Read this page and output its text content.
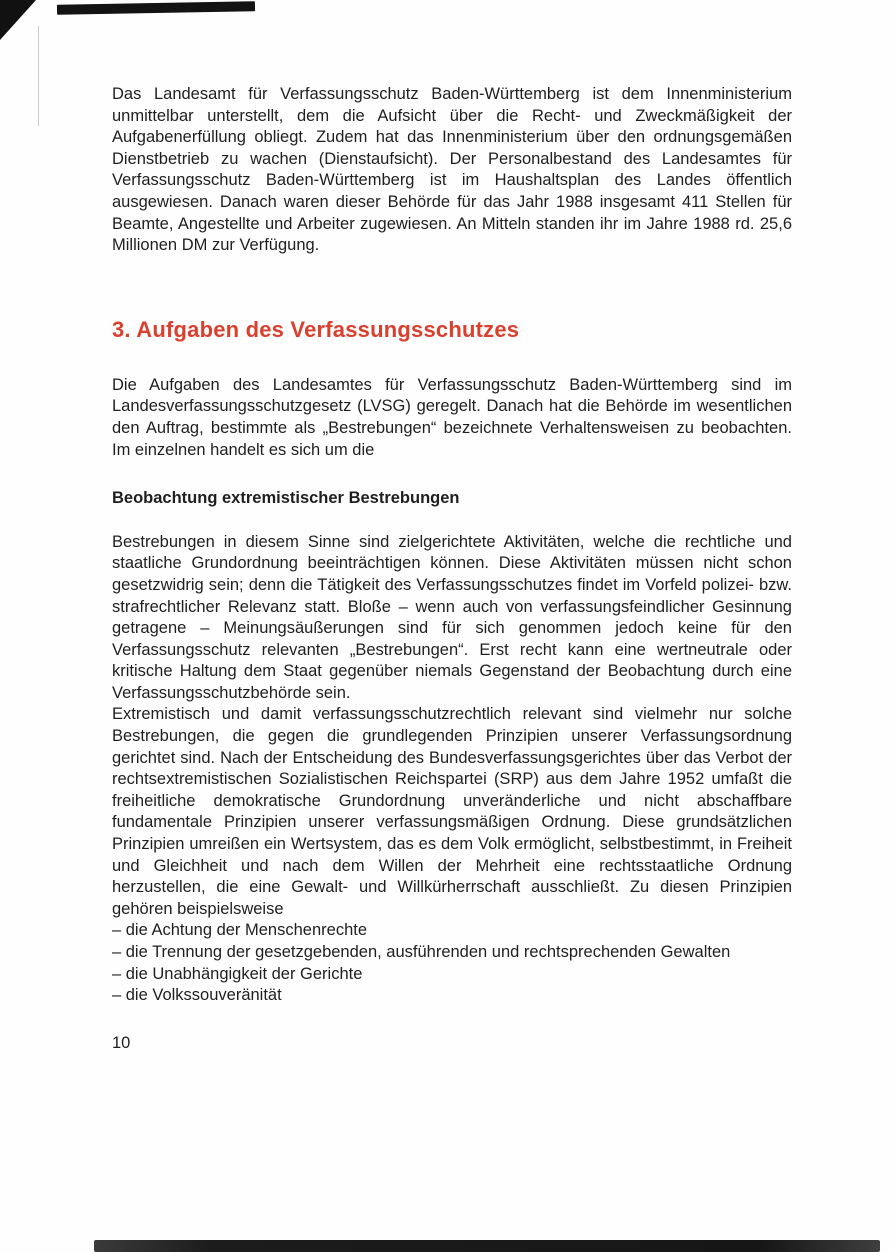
Das Landesamt für Verfassungsschutz Baden-Württemberg ist dem Innenministerium unmittelbar unterstellt, dem die Aufsicht über die Recht- und Zweckmäßigkeit der Aufgabenerfüllung obliegt. Zudem hat das Innenministerium über den ordnungsgemäßen Dienstbetrieb zu wachen (Dienstaufsicht). Der Personalbestand des Landesamtes für Verfassungsschutz Baden-Württemberg ist im Haushaltsplan des Landes öffentlich ausgewiesen. Danach waren dieser Behörde für das Jahr 1988 insgesamt 411 Stellen für Beamte, Angestellte und Arbeiter zugewiesen. An Mitteln standen ihr im Jahre 1988 rd. 25,6 Millionen DM zur Verfügung.

3. Aufgaben des Verfassungsschutzes

Die Aufgaben des Landesamtes für Verfassungsschutz Baden-Württemberg sind im Landesverfassungsschutzgesetz (LVSG) geregelt. Danach hat die Behörde im wesentlichen den Auftrag, bestimmte als „Bestrebungen“ bezeichnete Verhaltensweisen zu beobachten. Im einzelnen handelt es sich um die

Beobachtung extremistischer Bestrebungen

Bestrebungen in diesem Sinne sind zielgerichtete Aktivitäten, welche die rechtliche und staatliche Grundordnung beeinträchtigen können. Diese Aktivitäten müssen nicht schon gesetzwidrig sein; denn die Tätigkeit des Verfassungsschutzes findet im Vorfeld polizei- bzw. strafrechtlicher Relevanz statt. Bloße – wenn auch von verfassungsfeindlicher Gesinnung getragene – Meinungsäußerungen sind für sich genommen jedoch keine für den Verfassungsschutz relevanten „Bestrebungen“. Erst recht kann eine wertneutrale oder kritische Haltung dem Staat gegenüber niemals Gegenstand der Beobachtung durch eine Verfassungsschutzbehörde sein.

Extremistisch und damit verfassungsschutzrechtlich relevant sind vielmehr nur solche Bestrebungen, die gegen die grundlegenden Prinzipien unserer Verfassungsordnung gerichtet sind. Nach der Entscheidung des Bundesverfassungsgerichtes über das Verbot der rechtsextremistischen Sozialistischen Reichspartei (SRP) aus dem Jahre 1952 umfaßt die freiheitliche demokratische Grundordnung unveränderliche und nicht abschaffbare fundamentale Prinzipien unserer verfassungsmäßigen Ordnung. Diese grundsätzlichen Prinzipien umreißen ein Wertsystem, das es dem Volk ermöglicht, selbstbestimmt, in Freiheit und Gleichheit und nach dem Willen der Mehrheit eine rechtsstaatliche Ordnung herzustellen, die eine Gewalt- und Willkürherrschaft ausschließt. Zu diesen Prinzipien gehören beispielsweise

– die Achtung der Menschenrechte
– die Trennung der gesetzgebenden, ausführenden und rechtsprechenden Gewalten
– die Unabhängigkeit der Gerichte
– die Volkssouveränität
10
